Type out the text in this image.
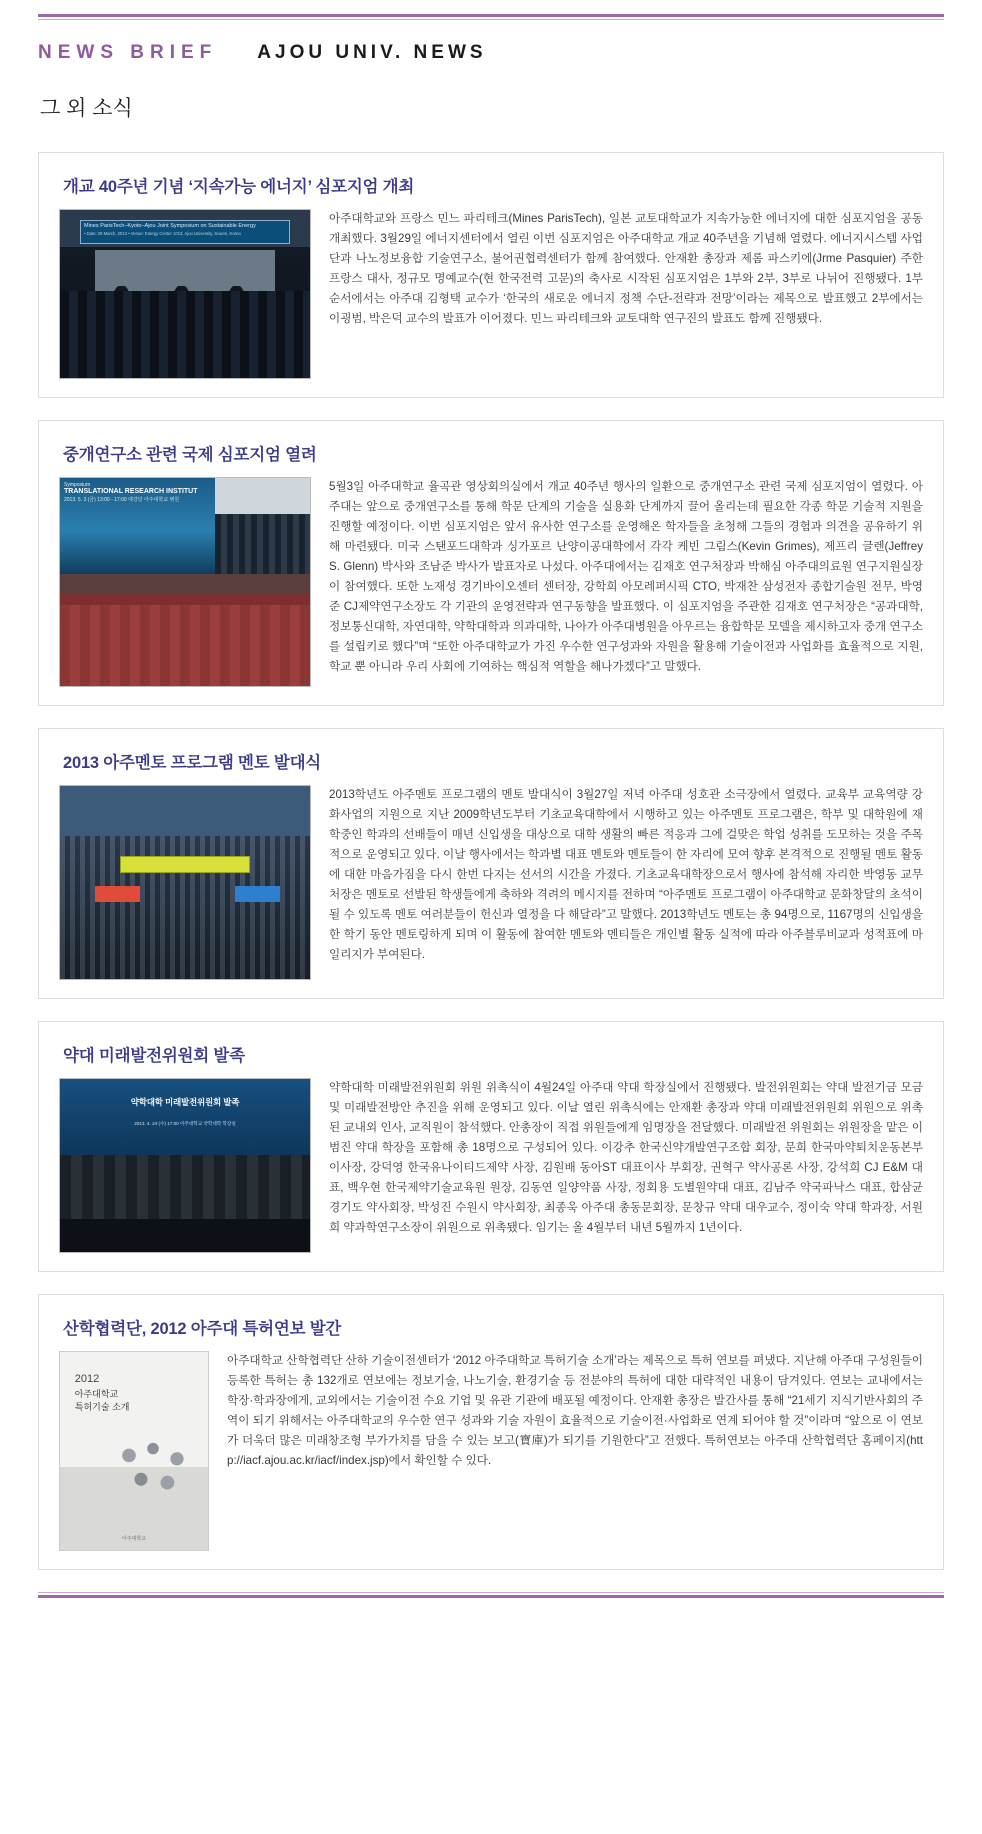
NEWS BRIEF AJOU UNIV. NEWS
그 외 소식
개교 40주년 기념 ‘지속가능 에너지’ 심포지엄 개최
Mines ParisTech–Kyoto–Ajou Joint Symposium on Sustainable Energy
• Date: 29 March, 2013 • Venue: Energy Center 1013, Ajou University, Suwon, Korea
아주대학교와 프랑스 민느 파리테크(Mines ParisTech), 일본 교토대학교가 지속가능한 에너지에 대한 심포지엄을 공동개최했다. 3월29일 에너지센터에서 열린 이번 심포지엄은 아주대학교 개교 40주년을 기념해 열렸다. 에너지시스템 사업단과 나노정보융합 기술연구소, 불어권협력센터가 함께 참여했다. 안재환 총장과 제롬 파스키에(Jrme Pasquier) 주한 프랑스 대사, 정규모 명예교수(현 한국전력 고문)의 축사로 시작된 심포지엄은 1부와 2부, 3부로 나뉘어 진행됐다. 1부 순서에서는 아주대 김형택 교수가 ‘한국의 새로운 에너지 정책 수단-전략과 전망’이라는 제목으로 발표했고 2부에서는 이굉범, 박은덕 교수의 발표가 이어졌다. 민느 파리테크와 교토대학 연구진의 발표도 함께 진행됐다.
중개연구소 관련 국제 심포지엄 열려
Symposium
TRANSLATIONAL RESEARCH INSTITUT
2013. 5. 3 (금) 13:00 - 17:00 대강당 아주대학교 병원
5월3일 아주대학교 율곡관 영상회의실에서 개교 40주년 행사의 일환으로 중개연구소 관련 국제 심포지엄이 열렸다. 아주대는 앞으로 중개연구소를 통해 학문 단계의 기술을 실용화 단계까지 끌어 올리는데 필요한 각종 학문 기술적 지원을 진행할 예정이다. 이번 심포지엄은 앞서 유사한 연구소를 운영해온 학자들을 초청해 그들의 경험과 의견을 공유하기 위해 마련됐다. 미국 스탠포드대학과 싱가포르 난양이공대학에서 각각 케빈 그림스(Kevin Grimes), 제프리 글렌(Jeffrey S. Glenn) 박사와 조남준 박사가 발표자로 나섰다. 아주대에서는 김재호 연구처장과 박해심 아주대의료원 연구지원실장이 참여했다. 또한 노재성 경기바이오센터 센터장, 강학희 아모레퍼시픽 CTO, 박재찬 삼성전자 종합기술원 전무, 박영준 CJ제약연구소장도 각 기관의 운영전략과 연구동향을 발표했다. 이 심포지엄을 주관한 김재호 연구처장은 “공과대학, 정보통신대학, 자연대학, 약학대학과 의과대학, 나아가 아주대병원을 아우르는 융합학문 모델을 제시하고자 중개 연구소를 설립키로 했다”며 “또한 아주대학교가 가진 우수한 연구성과와 자원을 활용해 기술이전과 사업화를 효율적으로 지원, 학교 뿐 아니라 우리 사회에 기여하는 핵심적 역할을 해나가겠다”고 말했다.
2013 아주멘토 프로그램 멘토 발대식
2013학년도 아주멘토 프로그램의 멘토 발대식이 3월27일 저녁 아주대 성호관 소극장에서 열렸다. 교육부 교육역량 강화사업의 지원으로 지난 2009학년도부터 기초교육대학에서 시행하고 있는 아주멘토 프로그램은, 학부 및 대학원에 재학중인 학과의 선배들이 매년 신입생을 대상으로 대학 생활의 빠른 적응과 그에 걸맞은 학업 성취를 도모하는 것을 주목적으로 운영되고 있다. 이날 행사에서는 학과별 대표 멘토와 멘토들이 한 자리에 모여 향후 본격적으로 진행될 멘토 활동에 대한 마음가짐을 다시 한번 다지는 선서의 시간을 가졌다. 기초교육대학장으로서 행사에 참석해 자리한 박영동 교무처장은 멘토로 선발된 학생들에게 축하와 격려의 메시지를 전하며 “아주멘토 프로그램이 아주대학교 문화창달의 초석이 될 수 있도록 멘토 여러분들이 헌신과 열정을 다 해달라”고 말했다. 2013학년도 멘토는 총 94명으로, 1167명의 신입생을 한 학기 동안 멘토링하게 되며 이 활동에 참여한 멘토와 멘티들은 개인별 활동 실적에 따라 아주블루비교과 성적표에 마일리지가 부여된다.
약대 미래발전위원회 발족
약학대학 미래발전위원회 발족
2013. 4. 24 (수) 17:00 아주대학교 약학대학 학장실
약학대학 미래발전위원회 위원 위촉식이 4월24일 아주대 약대 학장실에서 진행됐다. 발전위원회는 약대 발전기금 모금 및 미래발전방안 추진을 위해 운영되고 있다. 이날 열린 위촉식에는 안재환 총장과 약대 미래발전위원회 위원으로 위촉된 교내외 인사, 교직원이 참석했다. 안총장이 직접 위원들에게 임명장을 전달했다. 미래발전 위원회는 위원장을 맡은 이범진 약대 학장을 포함해 총 18명으로 구성되어 있다. 이강추 한국신약개발연구조합 회장, 문희 한국마약퇴치운동본부 이사장, 강덕영 한국유나이티드제약 사장, 김원배 동아ST 대표이사 부회장, 권혁구 약사공론 사장, 강석희 CJ E&M 대표, 백우현 한국제약기술교육원 원장, 김동연 일양약품 사장, 정회용 도별원약대 대표, 김남주 약국파낙스 대표, 합삼균 경기도 약사회장, 박성진 수원시 약사회장, 최종욱 아주대 총동문회장, 문창규 약대 대우교수, 정이숙 약대 학과장, 서원희 약과학연구소장이 위원으로 위촉됐다. 임기는 올 4월부터 내년 5월까지 1년이다.
산학협력단, 2012 아주대 특허연보 발간
2012
아주대학교
특허기술 소개
아주대학교
아주대학교 산학협력단 산하 기술이전센터가 ‘2012 아주대학교 특허기술 소개’라는 제목으로 특허 연보를 펴냈다. 지난해 아주대 구성원들이 등록한 특허는 총 132개로 연보에는 정보기술, 나노기술, 환경기술 등 전분야의 특허에 대한 대략적인 내용이 담겨있다. 연보는 교내에서는 학장·학과장에게, 교외에서는 기술이전 수요 기업 및 유관 기관에 배포될 예정이다. 안재환 총장은 발간사를 통해 “21세기 지식기반사회의 주역이 되기 위해서는 아주대학교의 우수한 연구 성과와 기술 자원이 효율적으로 기술이전·사업화로 연계 되어야 할 것”이라며 “앞으로 이 연보가 더욱더 많은 미래창조형 부가가치를 담을 수 있는 보고(寶庫)가 되기를 기원한다”고 전했다. 특허연보는 아주대 산학협력단 홈페이지(http://iacf.ajou.ac.kr/iacf/index.jsp)에서 확인할 수 있다.
